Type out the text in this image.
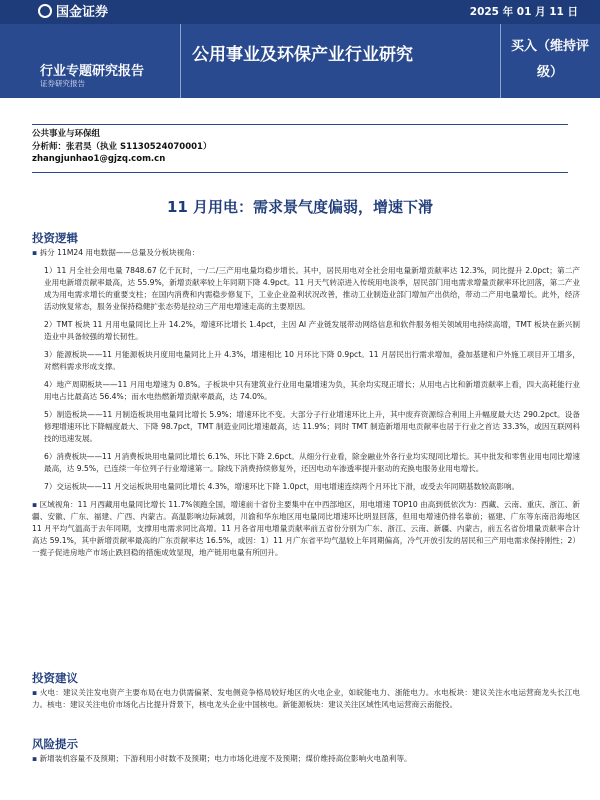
国金证券	2025 年 01 月 11 日
行业专题研究报告
证券研究报告
公用事业及环保产业行业研究	买入（维持评级）
公共事业与环保组
分析师：张君昊（执业 S1130524070001）
zhangjunhao1@gjzq.com.cn
11 月用电：需求景气度偏弱，增速下滑
投资逻辑

▪ 拆分 11M24 用电数据——总量及分板块视角：

1）11 月全社会用电量 7848.67 亿千瓦时，一/二/三产用电量均稳步增长。其中，居民用电对全社会用电量新增贡献率达 12.3%，同比提升 2.0pct；第二产业用电新增贡献率最高，达 55.9%，新增贡献率较上年同期下降 4.9pct。11 月天气转凉进入传统用电淡季，居民部门用电需求增量贡献率环比回落，第二产业成为用电需求增长的重要支柱；在国内消费和内需稳步修复下，工业企业盈利状况改善，推动工业制造业部门增加产出供给，带动二产用电量增长。此外，经济活动恢复常态，服务业保持稳健扩张态势是拉动三产用电增速走高的主要原因。

2）TMT 板块 11 月用电量同比上升 14.2%，增速环比增长 1.4pct，主因 AI 产业链发展带动网络信息和软件服务相关领域用电持续高增，TMT 板块在新兴制造业中具备较强的增长韧性。

3）能源板块——11 月能源板块月度用电量同比上升 4.3%，增速相比 10 月环比下降 0.9pct。11 月居民出行需求增加，叠加基建和户外施工项目开工增多，对燃料需求形成支撑。

4）地产周期板块——11 月用电增速为 0.8%。子板块中只有建筑业行业用电量增速为负，其余均实现正增长；从用电占比和新增贡献率上看，四大高耗能行业用电占比最高达 56.4%；而水电热燃新增贡献率最高，达 74.0%。

5）制造板块——11 月制造板块用电量同比增长 5.9%；增速环比不变。大部分子行业增速环比上升，其中废弃资源综合利用上升幅度最大达 290.2pct。设备修理增速环比下降幅度最大、下降 98.7pct，TMT 制造业同比增速最高，达 11.9%；同时 TMT 制造新增用电贡献率也居于行业之首达 33.3%，或因互联网科技的迅速发展。

6）消费板块——11 月消费板块用电量同比增长 6.1%、环比下降 2.6pct。从细分行业看，除金融业外各行业均实现同比增长。其中批发和零售业用电同比增速最高，达 9.5%，已连续一年位列子行业增速第一。除线下消费持续修复外，还因电动车渗透率提升驱动的充换电服务业用电增长。

7）交运板块——11 月交运板块用电量同比增长 4.3%，增速环比下降 1.0pct，用电增速连续两个月环比下滑，或受去年同期基数较高影响。

▪ 区域视角：11 月西藏用电量同比增长 11.7%领跑全国，增速前十省份主要集中在中西部地区，用电增速 TOP10 由高到低依次为：西藏、云南、重庆、浙江、新疆、安徽、广东、福建、广西、内蒙古。高温影响边际减弱，川渝和华东地区用电量同比增速环比明显回落，但用电增速仍排名靠前；福建、广东等东南沿海地区 11 月平均气温高于去年同期，支撑用电需求同比高增。11 月各省用电增量贡献率前五省份分别为广东、浙江、云南、新疆、内蒙古，前五名省份增量贡献率合计高达 59.1%，其中新增贡献率最高的广东贡献率达 16.5%，或因：1）11 月广东省平均气温较上年同期偏高，冷气开放引发的居民和三产用电需求保持刚性；2）一揽子促进房地产市场止跌回稳的措施成效显现，地产链用电量有所回升。

投资建议

▪ 火电：建议关注发电资产主要布局在电力供需偏紧、发电侧竞争格局较好地区的火电企业，如皖能电力、浙能电力。水电板块：建议关注水电运营商龙头长江电力。核电：建议关注电价市场化占比提升背景下，核电龙头企业中国核电。新能源板块：建议关注区域性风电运营商云南能投。

风险提示

▪ 新增装机容量不及预期；下游利用小时数不及预期；电力市场化进度不及预期；煤价维持高位影响火电盈利等。
